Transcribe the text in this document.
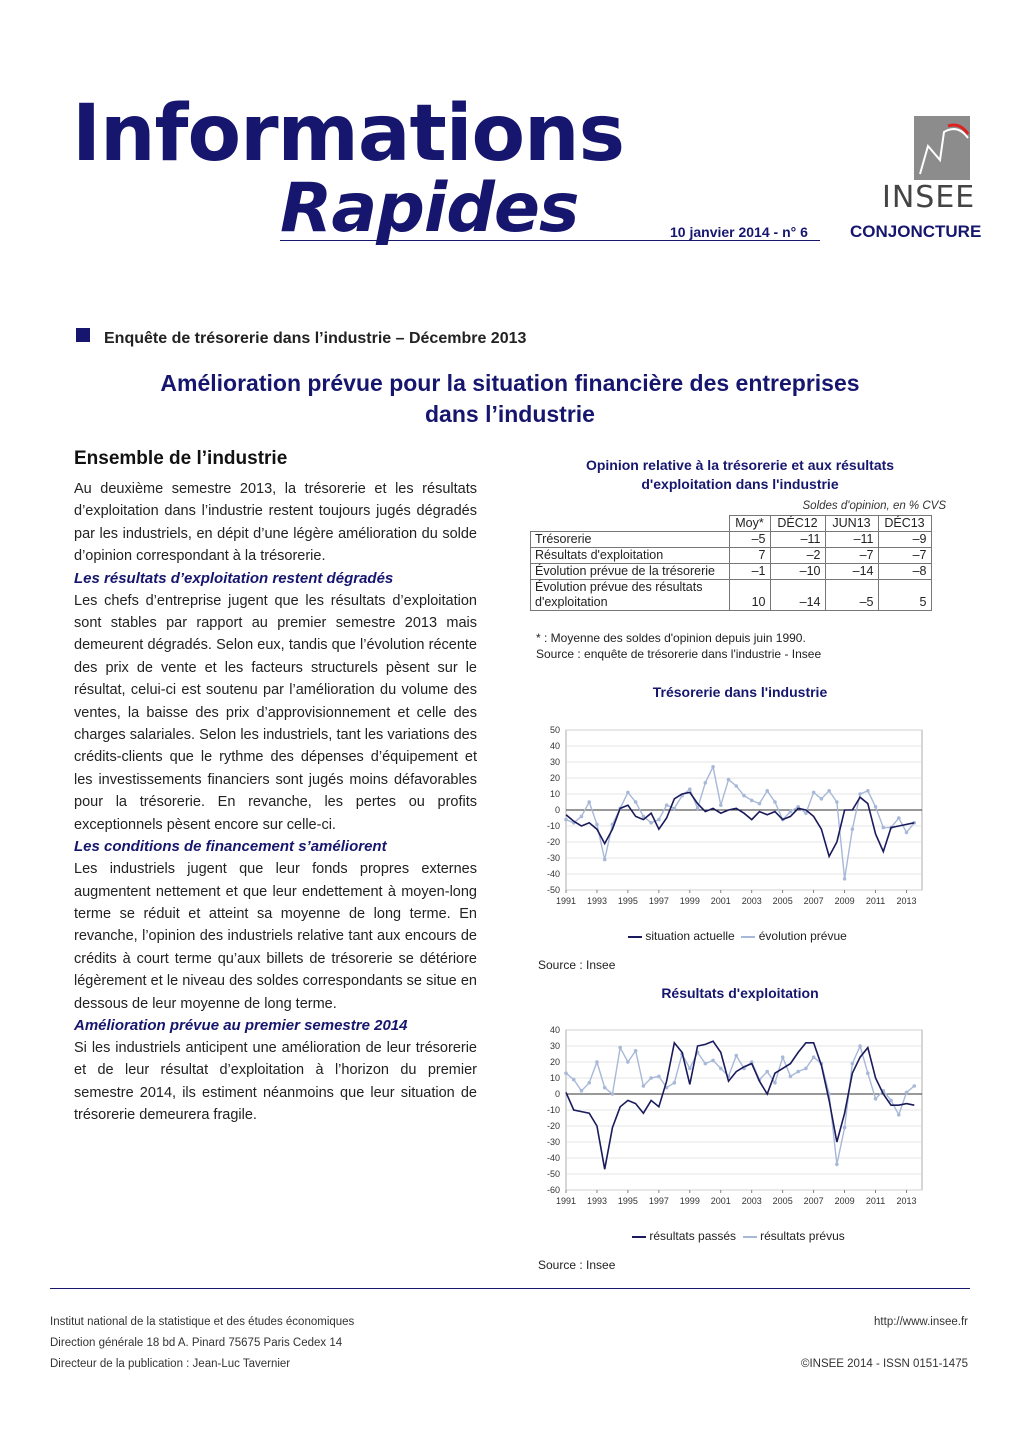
Informations
Rapides	10 janvier 2014 - n° 6
INSEE
CONJONCTURE
Enquête de trésorerie dans l’industrie – Décembre 2013
Amélioration prévue pour la situation financière des entreprises dans l’industrie
Ensemble de l’industrie

Au deuxième semestre 2013, la trésorerie et les résultats d’exploitation dans l’industrie restent toujours jugés dégradés par les industriels, en dépit d’une légère amélioration du solde d’opinion correspondant à la trésorerie.

Les résultats d’exploitation restent dégradés

Les chefs d’entreprise jugent que les résultats d’exploitation sont stables par rapport au premier semestre 2013 mais demeurent dégradés. Selon eux, tandis que l’évolution récente des prix de vente et les facteurs structurels pèsent sur le résultat, celui-ci est soutenu par l’amélioration du volume des ventes, la baisse des prix d’approvisionnement et celle des charges salariales. Selon les industriels, tant les variations des crédits-clients que le rythme des dépenses d’équipement et les investissements financiers sont jugés moins défavorables pour la trésorerie. En revanche, les pertes ou profits exceptionnels pèsent encore sur celle-ci.

Les conditions de financement s’améliorent

Les industriels jugent que leur fonds propres externes augmentent nettement et que leur endettement à moyen-long terme se réduit et atteint sa moyenne de long terme. En revanche, l’opinion des industriels relative tant aux encours de crédits à court terme qu’aux billets de trésorerie se détériore légèrement et le niveau des soldes correspondants se situe en dessous de leur moyenne de long terme.

Amélioration prévue au premier semestre 2014

Si les industriels anticipent une amélioration de leur trésorerie et de leur résultat d’exploitation à l’horizon du premier semestre 2014, ils estiment néanmoins que leur situation de trésorerie demeurera fragile.

Opinion relative à la trésorerie et aux résultats d'exploitation dans l'industrie
Soldes d'opinion, en % CVS
	Moy*	DÉC12	JUN13	DÉC13
Trésorerie	–5	–11	–11	–9
Résultats d'exploitation	7	–2	–7	–7
Évolution prévue de la trésorerie	–1	–10	–14	–8
Évolution prévue des résultats d'exploitation	10	–14	–5	5
* : Moyenne des soldes d'opinion depuis juin 1990.
Source : enquête de trésorerie dans l'industrie - Insee
Trésorerie dans l'industrie
50
40
30
20
10
0
-10
-20
-30
-40
-50
1991 1993 1995 1997 1999 2001 2003 2005 2007 2009 2011 2013
situation actuelle évolution prévue
Source : Insee
Résultats d'exploitation
40
30
20
10
0
-10
-20
-30
-40
-50
-60
1991 1993 1995 1997 1999 2001 2003 2005 2007 2009 2011 2013
résultats passés résultats prévus
Source : Insee
Institut national de la statistique et des études économiques
Direction générale 18 bd A. Pinard 75675 Paris Cedex 14
Directeur de la publication : Jean-Luc Tavernier
http://www.insee.fr

©INSEE 2014 - ISSN 0151-1475
